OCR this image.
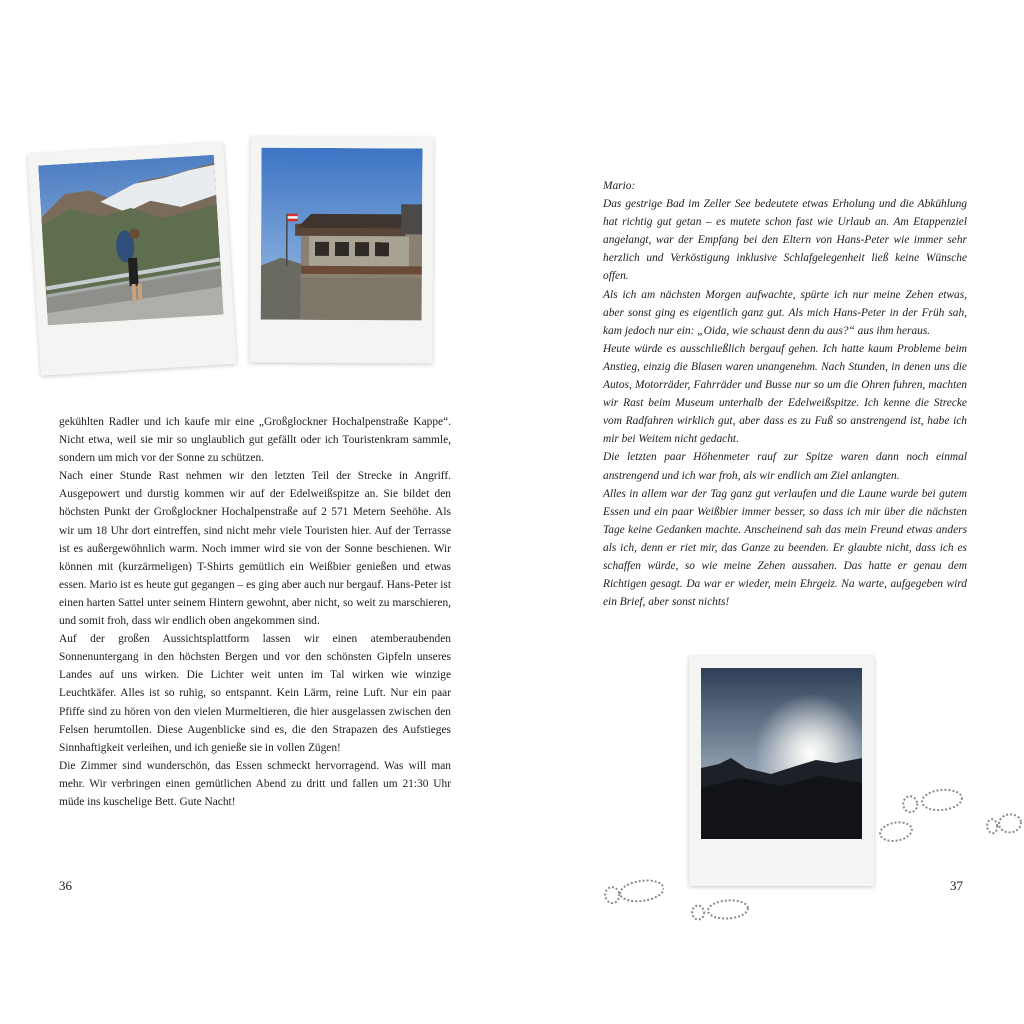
gekühlten Radler und ich kaufe mir eine „Großglockner Hochalpenstraße Kappe“. Nicht etwa, weil sie mir so unglaublich gut gefällt oder ich Touristenkram sammle, sondern um mich vor der Sonne zu schützen.

Nach einer Stunde Rast nehmen wir den letzten Teil der Strecke in Angriff. Ausgepowert und durstig kommen wir auf der Edelweißspitze an. Sie bildet den höchsten Punkt der Großglockner Hochalpenstraße auf 2 571 Metern Seehöhe. Als wir um 18 Uhr dort eintreffen, sind nicht mehr viele Touristen hier. Auf der Terrasse ist es außergewöhnlich warm. Noch immer wird sie von der Sonne beschienen. Wir können mit (kurzärmeligen) T-Shirts gemütlich ein Weißbier genießen und etwas essen. Mario ist es heute gut gegangen – es ging aber auch nur bergauf. Hans-Peter ist einen harten Sattel unter seinem Hintern gewohnt, aber nicht, so weit zu marschieren, und somit froh, dass wir endlich oben angekommen sind.

Auf der großen Aussichtsplattform lassen wir einen atemberaubenden Sonnenuntergang in den höchsten Bergen und vor den schönsten Gipfeln unseres Landes auf uns wirken. Die Lichter weit unten im Tal wirken wie winzige Leuchtkäfer. Alles ist so ruhig, so entspannt. Kein Lärm, reine Luft. Nur ein paar Pfiffe sind zu hören von den vielen Murmeltieren, die hier ausgelassen zwischen den Felsen herumtollen. Diese Augenblicke sind es, die den Strapazen des Aufstieges Sinnhaftigkeit verleihen, und ich genieße sie in vollen Zügen!

Die Zimmer sind wunderschön, das Essen schmeckt hervorragend. Was will man mehr. Wir verbringen einen gemütlichen Abend zu dritt und fallen um 21:30 Uhr müde ins kuschelige Bett. Gute Nacht!

36

Mario:

Das gestrige Bad im Zeller See bedeutete etwas Erholung und die Abkühlung hat richtig gut getan – es mutete schon fast wie Urlaub an. Am Etappenziel angelangt, war der Empfang bei den Eltern von Hans-Peter wie immer sehr herzlich und Verköstigung inklusive Schlafgelegenheit ließ keine Wünsche offen.

Als ich am nächsten Morgen aufwachte, spürte ich nur meine Zehen etwas, aber sonst ging es eigentlich ganz gut. Als mich Hans-Peter in der Früh sah, kam jedoch nur ein: „Oida, wie schaust denn du aus?“ aus ihm heraus.

Heute würde es ausschließlich bergauf gehen. Ich hatte kaum Probleme beim Anstieg, einzig die Blasen waren unangenehm. Nach Stunden, in denen uns die Autos, Motorräder, Fahrräder und Busse nur so um die Ohren fuhren, machten wir Rast beim Museum unterhalb der Edelweißspitze. Ich kenne die Strecke vom Radfahren wirklich gut, aber dass es zu Fuß so anstrengend ist, habe ich mir bei Weitem nicht gedacht.

Die letzten paar Höhenmeter rauf zur Spitze waren dann noch einmal anstrengend und ich war froh, als wir endlich am Ziel anlangten.

Alles in allem war der Tag ganz gut verlaufen und die Laune wurde bei gutem Essen und ein paar Weißbier immer besser, so dass ich mir über die nächsten Tage keine Gedanken machte. Anscheinend sah das mein Freund etwas anders als ich, denn er riet mir, das Ganze zu beenden. Er glaubte nicht, dass ich es schaffen würde, so wie meine Zehen aussahen. Das hatte er genau dem Richtigen gesagt. Da war er wieder, mein Ehrgeiz. Na warte, aufgegeben wird ein Brief, aber sonst nichts!

37
